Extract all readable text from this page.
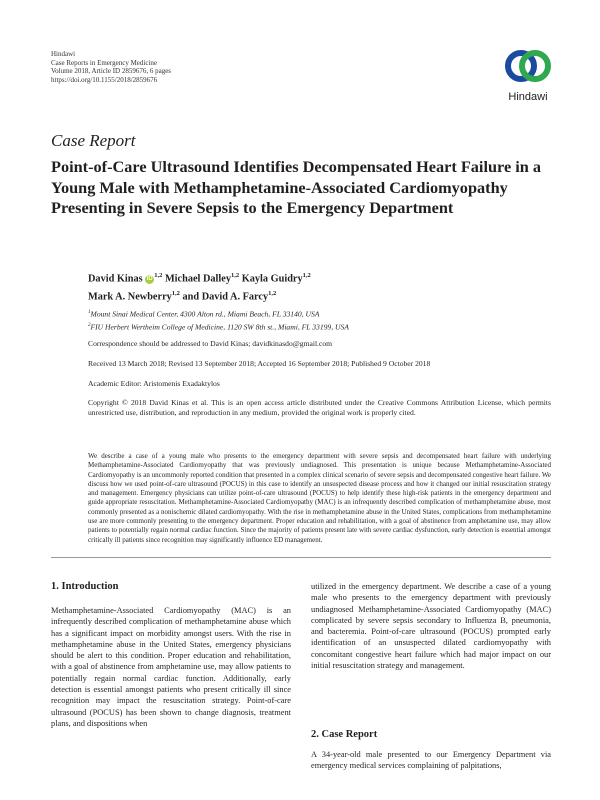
Hindawi
Case Reports in Emergency Medicine
Volume 2018, Article ID 2859676, 6 pages
https://doi.org/10.1155/2018/2859676
Hindawi
Case Report
Point-of-Care Ultrasound Identifies Decompensated Heart Failure in a Young Male with Methamphetamine-Associated Cardiomyopathy Presenting in Severe Sepsis to the Emergency Department
David Kinas iD $^{1,2}$ Michael Dalley$^{1,2}$ Kayla Guidry$^{1,2}$
Mark A. Newberry$^{1,2}$ and David A. Farcy$^{1,2}$
$^1$Mount Sinai Medical Center, 4300 Alton rd., Miami Beach, FL 33140, USA
$^2$FIU Herbert Wertheim College of Medicine, 1120 SW 8th st., Miami, FL 33199, USA
Correspondence should be addressed to David Kinas; davidkinasdo@gmail.com
Received 13 March 2018; Revised 13 September 2018; Accepted 16 September 2018; Published 9 October 2018
Academic Editor: Aristomenis Exadaktylos
Copyright © 2018 David Kinas et al. This is an open access article distributed under the Creative Commons Attribution License, which permits unrestricted use, distribution, and reproduction in any medium, provided the original work is properly cited.
We describe a case of a young male who presents to the emergency department with severe sepsis and decompensated heart failure with underlying Methamphetamine-Associated Cardiomyopathy that was previously undiagnosed. This presentation is unique because Methamphetamine-Associated Cardiomyopathy is an uncommonly reported condition that presented in a complex clinical scenario of severe sepsis and decompensated congestive heart failure. We discuss how we used point-of-care ultrasound (POCUS) in this case to identify an unsuspected disease process and how it changed our initial resuscitation strategy and management. Emergency physicians can utilize point-of-care ultrasound (POCUS) to help identify these high-risk patients in the emergency department and guide appropriate resuscitation. Methamphetamine-Associated Cardiomyopathy (MAC) is an infrequently described complication of methamphetamine abuse, most commonly presented as a nonischemic dilated cardiomyopathy. With the rise in methamphetamine abuse in the United States, complications from methamphetamine use are more commonly presenting to the emergency department. Proper education and rehabilitation, with a goal of abstinence from amphetamine use, may allow patients to potentially regain normal cardiac function. Since the majority of patients present late with severe cardiac dysfunction, early detection is essential amongst critically ill patients since recognition may significantly influence ED management.
1. Introduction
Methamphetamine-Associated Cardiomyopathy (MAC) is an infrequently described complication of methamphetamine abuse which has a significant impact on morbidity amongst users. With the rise in methamphetamine abuse in the United States, emergency physicians should be alert to this condition. Proper education and rehabilitation, with a goal of abstinence from amphetamine use, may allow patients to potentially regain normal cardiac function. Additionally, early detection is essential amongst patients who present critically ill since recognition may impact the resuscitation strategy. Point-of-care ultrasound (POCUS) has been shown to change diagnosis, treatment plans, and dispositions when
utilized in the emergency department. We describe a case of a young male who presents to the emergency department with previously undiagnosed Methamphetamine-Associated Cardiomyopathy (MAC) complicated by severe sepsis secondary to Influenza B, pneumonia, and bacteremia. Point-of-care ultrasound (POCUS) prompted early identification of an unsuspected dilated cardiomyopathy with concomitant congestive heart failure which had major impact on our initial resuscitation strategy and management.
2. Case Report
A 34-year-old male presented to our Emergency Department via emergency medical services complaining of palpitations,
